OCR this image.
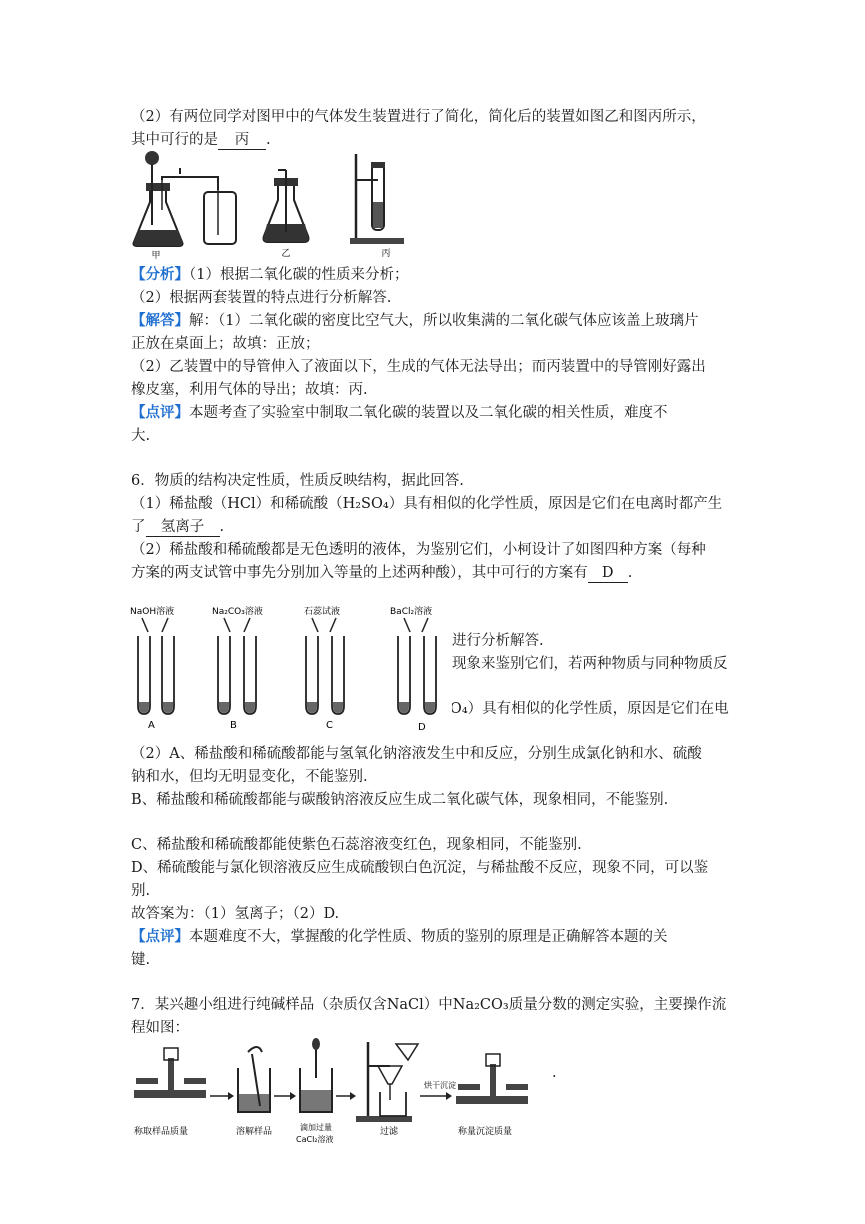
（2）有两位同学对图甲中的气体发生装置进行了简化，简化后的装置如图乙和图丙所示，
其中可行的是 丙 .
甲	乙	丙
【分析】（1）根据二氧化碳的性质来分析；
（2）根据两套装置的特点进行分析解答.
【解答】解：（1）二氧化碳的密度比空气大，所以收集满的二氧化碳气体应该盖上玻璃片
正放在桌面上；故填：正放；
（2）乙装置中的导管伸入了液面以下，生成的气体无法导出；而丙装置中的导管刚好露出
橡皮塞，利用气体的导出；故填：丙.
【点评】本题考查了实验室中制取二氧化碳的装置以及二氧化碳的相关性质，难度不
大.
6．物质的结构决定性质，性质反映结构，据此回答.
（1）稀盐酸（HCl）和稀硫酸（H₂SO₄）具有相似的化学性质，原因是它们在电离时都产生
了 氢离子 .
（2）稀盐酸和稀硫酸都是无色透明的液体，为鉴别它们，小柯设计了如图四种方案（每种
方案的两支试管中事先分别加入等量的上述两种酸），其中可行的方案有 D .
进行分析解答.
现象来鉴别它们，若两种物质与同种物质反
SO₄）具有相似的化学性质，原因是它们在电
NaOH溶液
A
Na₂CO₃溶液
B
石蕊试液
C
BaCl₂溶液
D
（2）A、稀盐酸和稀硫酸都能与氢氧化钠溶液发生中和反应，分别生成氯化钠和水、硫酸
钠和水，但均无明显变化，不能鉴别.
B、稀盐酸和稀硫酸都能与碳酸钠溶液反应生成二氧化碳气体，现象相同，不能鉴别.
C、稀盐酸和稀硫酸都能使紫色石蕊溶液变红色，现象相同，不能鉴别.
D、稀硫酸能与氯化钡溶液反应生成硫酸钡白色沉淀，与稀盐酸不反应，现象不同，可以鉴
别.
故答案为：（1）氢离子；（2）D.
【点评】本题难度不大，掌握酸的化学性质、物质的鉴别的原理是正确解答本题的关
键.
7．某兴趣小组进行纯碱样品（杂质仅含NaCl）中Na₂CO₃质量分数的测定实验，主要操作流
程如图：
称取样品质量	溶解样品	滴加过量
CaCl₂溶液
过滤
烘干沉淀
称量沉淀质量
.
